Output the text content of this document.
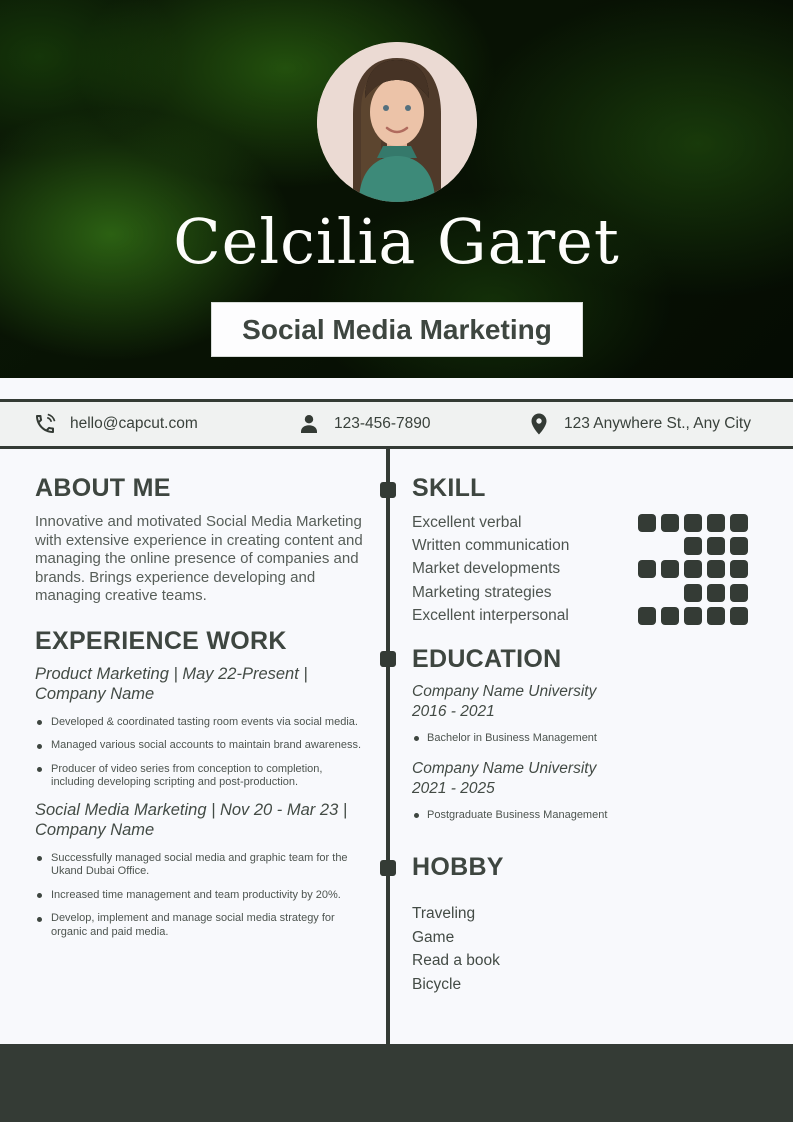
Celcilia Garet
Social Media Marketing
hello@capcut.com	123-456-7890	123 Anywhere St., Any City
ABOUT ME

Innovative and motivated Social Media Marketing with extensive experience in creating content and managing the online presence of companies and brands. Brings experience developing and managing creative teams.

EXPERIENCE WORK
Product Marketing | May 22-Present | Company Name
Developed & coordinated tasting room events via social media.
Managed various social accounts to maintain brand awareness.
Producer of video series from conception to completion, including developing scripting and post-production.
Social Media Marketing | Nov 20 - Mar 23 | Company Name
Successfully managed social media and graphic team for the Ukand Dubai Office.
Increased time management and team productivity by 20%.
Develop, implement and manage social media strategy for organic and paid media.
SKILL
Excellent verbal
Written communication
Market developments
Marketing strategies
Excellent interpersonal
EDUCATION
Company Name University
2016 - 2021
Bachelor in Business Management
Company Name University
2021 - 2025
Postgraduate Business Management
HOBBY
Traveling
Game
Read a book
Bicycle
